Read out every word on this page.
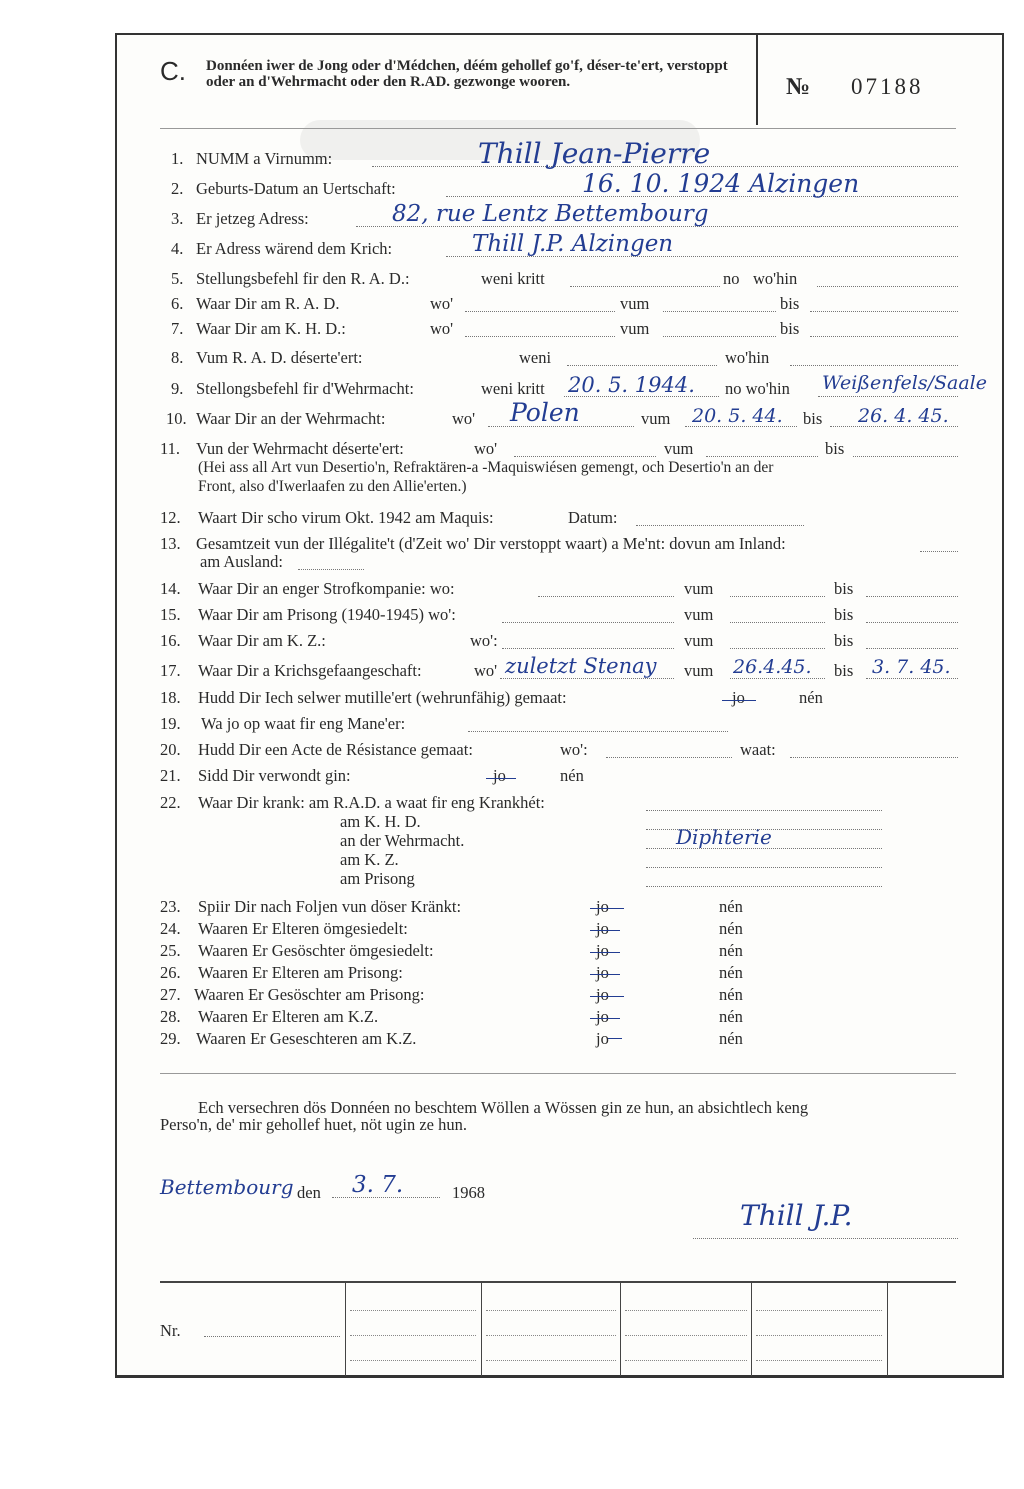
C. Donnéen iwer de Jong oder d'Médchen, déém gehollef go'f, déser-te'ert, verstoppt oder an d'Wehrmacht oder den R.AD. gezwonge wooren.	№ 07188
1. NUMM a Virnumm:	Thill Jean-Pierre
2. Geburts-Datum an Uertschaft:	16. 10. 1924 Alzingen
3. Er jetzeg Adress:	82, rue Lentz Bettembourg
4. Er Adress wärend dem Krich:	Thill J.P. Alzingen
5. Stellungsbefehl fir den R. A. D.:	weni kritt	no wo'hin
6. Waar Dir am R. A. D.	wo'	vum	bis
7. Waar Dir am K. H. D.:	wo'	vum	bis
8. Vum R. A. D. déserte'ert:	weni	wo'hin
9. Stellongsbefehl fir d'Wehrmacht:	weni kritt 20. 5. 1944. no wo'hin Weißenfels/Saale
10. Waar Dir an der Wehrmacht:	wo' Polen	vum 20. 5. 44. bis 26. 4. 45.
11. Vun der Wehrmacht déserte'ert:	wo'	vum	bis
(Hei ass all Art vun Desertio'n, Refraktären-a -Maquiswiésen gemengt, och Desertio'n an der
Front, also d'Iwerlaafen zu den Allie'erten.)
12. Waart Dir scho virum Okt. 1942 am Maquis:	Datum:
13. Gesamtzeit vun der Illégalite't (d'Zeit wo' Dir verstoppt waart) a Me'nt: dovun am Inland:
am Ausland:
14. Waar Dir an enger Strofkompanie: wo:	vum	bis
15. Waar Dir am Prisong (1940-1945) wo':	vum	bis
16. Waar Dir am K. Z.:	wo':	vum	bis
17. Waar Dir a Krichsgefaangeschaft:	wo' zuletzt Stenay vum 26.4.45. bis 3. 7. 45.
18. Hudd Dir Iech selwer mutille'ert (wehrunfähig) gemaat:	jo	nén
19. Wa jo op waat fir eng Mane'er:
20. Hudd Dir een Acte de Résistance gemaat:	wo':	waat:
21. Sidd Dir verwondt gin:	jo	nén
22. Waar Dir krank: am R.A.D. a waat fir eng Krankhét:
am K. H. D.
an der Wehrmacht.	Diphterie
am K. Z.
am Prisong
23. Spiir Dir nach Foljen vun döser Kränkt:	jo	nén
24. Waaren Er Elteren ömgesiedelt:	jo	nén
25. Waaren Er Gesöschter ömgesiedelt:	jo	nén
26. Waaren Er Elteren am Prisong:	jo	nén
27. Waaren Er Gesöschter am Prisong:	jo	nén
28. Waaren Er Elteren am K.Z.	jo	nén
29. Waaren Er Geseschteren am K.Z.	jo	nén
Ech versechren dös Donnéen no beschtem Wöllen a Wössen gin ze hun, an absichtlech keng
Perso'n, de' mir gehollef huet, nöt ugin ze hun.
Bettembourg den 3. 7.	1968
Thill J.P.
Nr.
